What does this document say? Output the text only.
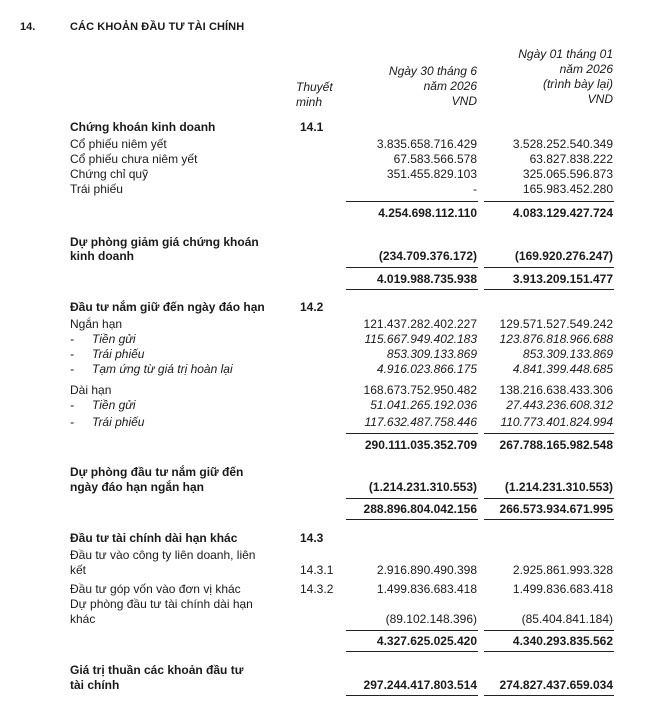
14.	CÁC KHOẢN ĐẦU TƯ TÀI CHÍNH
Thuyết
minh
Ngày 30 tháng 6
năm 2026
VND
Ngày 01 tháng 01
năm 2026
(trình bày lại)
VND
Chứng khoán kinh doanh	14.1
Cổ phiếu niêm yết	3.835.658.716.429	3.528.252.540.349
Cổ phiếu chưa niêm yết	67.583.566.578	63.827.838.222
Chứng chỉ quỹ	351.455.829.103	325.065.596.873
Trái phiếu	-	165.983.452.280
4.254.698.112.110	4.083.129.427.724
Dự phòng giảm giá chứng khoán
kinh doanh	(234.709.376.172)	(169.920.276.247)
4.019.988.735.938	3.913.209.151.477
Đầu tư nắm giữ đến ngày đáo hạn	14.2
Ngắn hạn	121.437.282.402.227 129.571.527.549.242
- Tiền gửi	115.667.949.402.183 123.876.818.966.688
- Trái phiếu	853.309.133.869	853.309.133.869
- Tạm ứng từ giá trị hoàn lại	4.916.023.866.175	4.841.399.448.685
Dài hạn	168.673.752.950.482 138.216.638.433.306
- Tiền gửi	51.041.265.192.036 27.443.236.608.312
- Trái phiếu	117.632.487.758.446 110.773.401.824.994
290.111.035.352.709 267.788.165.982.548
Dự phòng đầu tư nắm giữ đến
ngày đáo hạn ngắn hạn	(1.214.231.310.553) (1.214.231.310.553)
288.896.804.042.156 266.573.934.671.995
Đầu tư tài chính dài hạn khác	14.3
Đầu tư vào công ty liên doanh, liên
kết	14.3.1	2.916.890.490.398	2.925.861.993.328
Đầu tư góp vốn vào đơn vị khác	14.3.2	1.499.836.683.418	1.499.836.683.418
Dự phòng đầu tư tài chính dài hạn
khác	(89.102.148.396)	(85.404.841.184)
4.327.625.025.420	4.340.293.835.562
Giá trị thuần các khoản đầu tư
tài chính	297.244.417.803.514 274.827.437.659.034
